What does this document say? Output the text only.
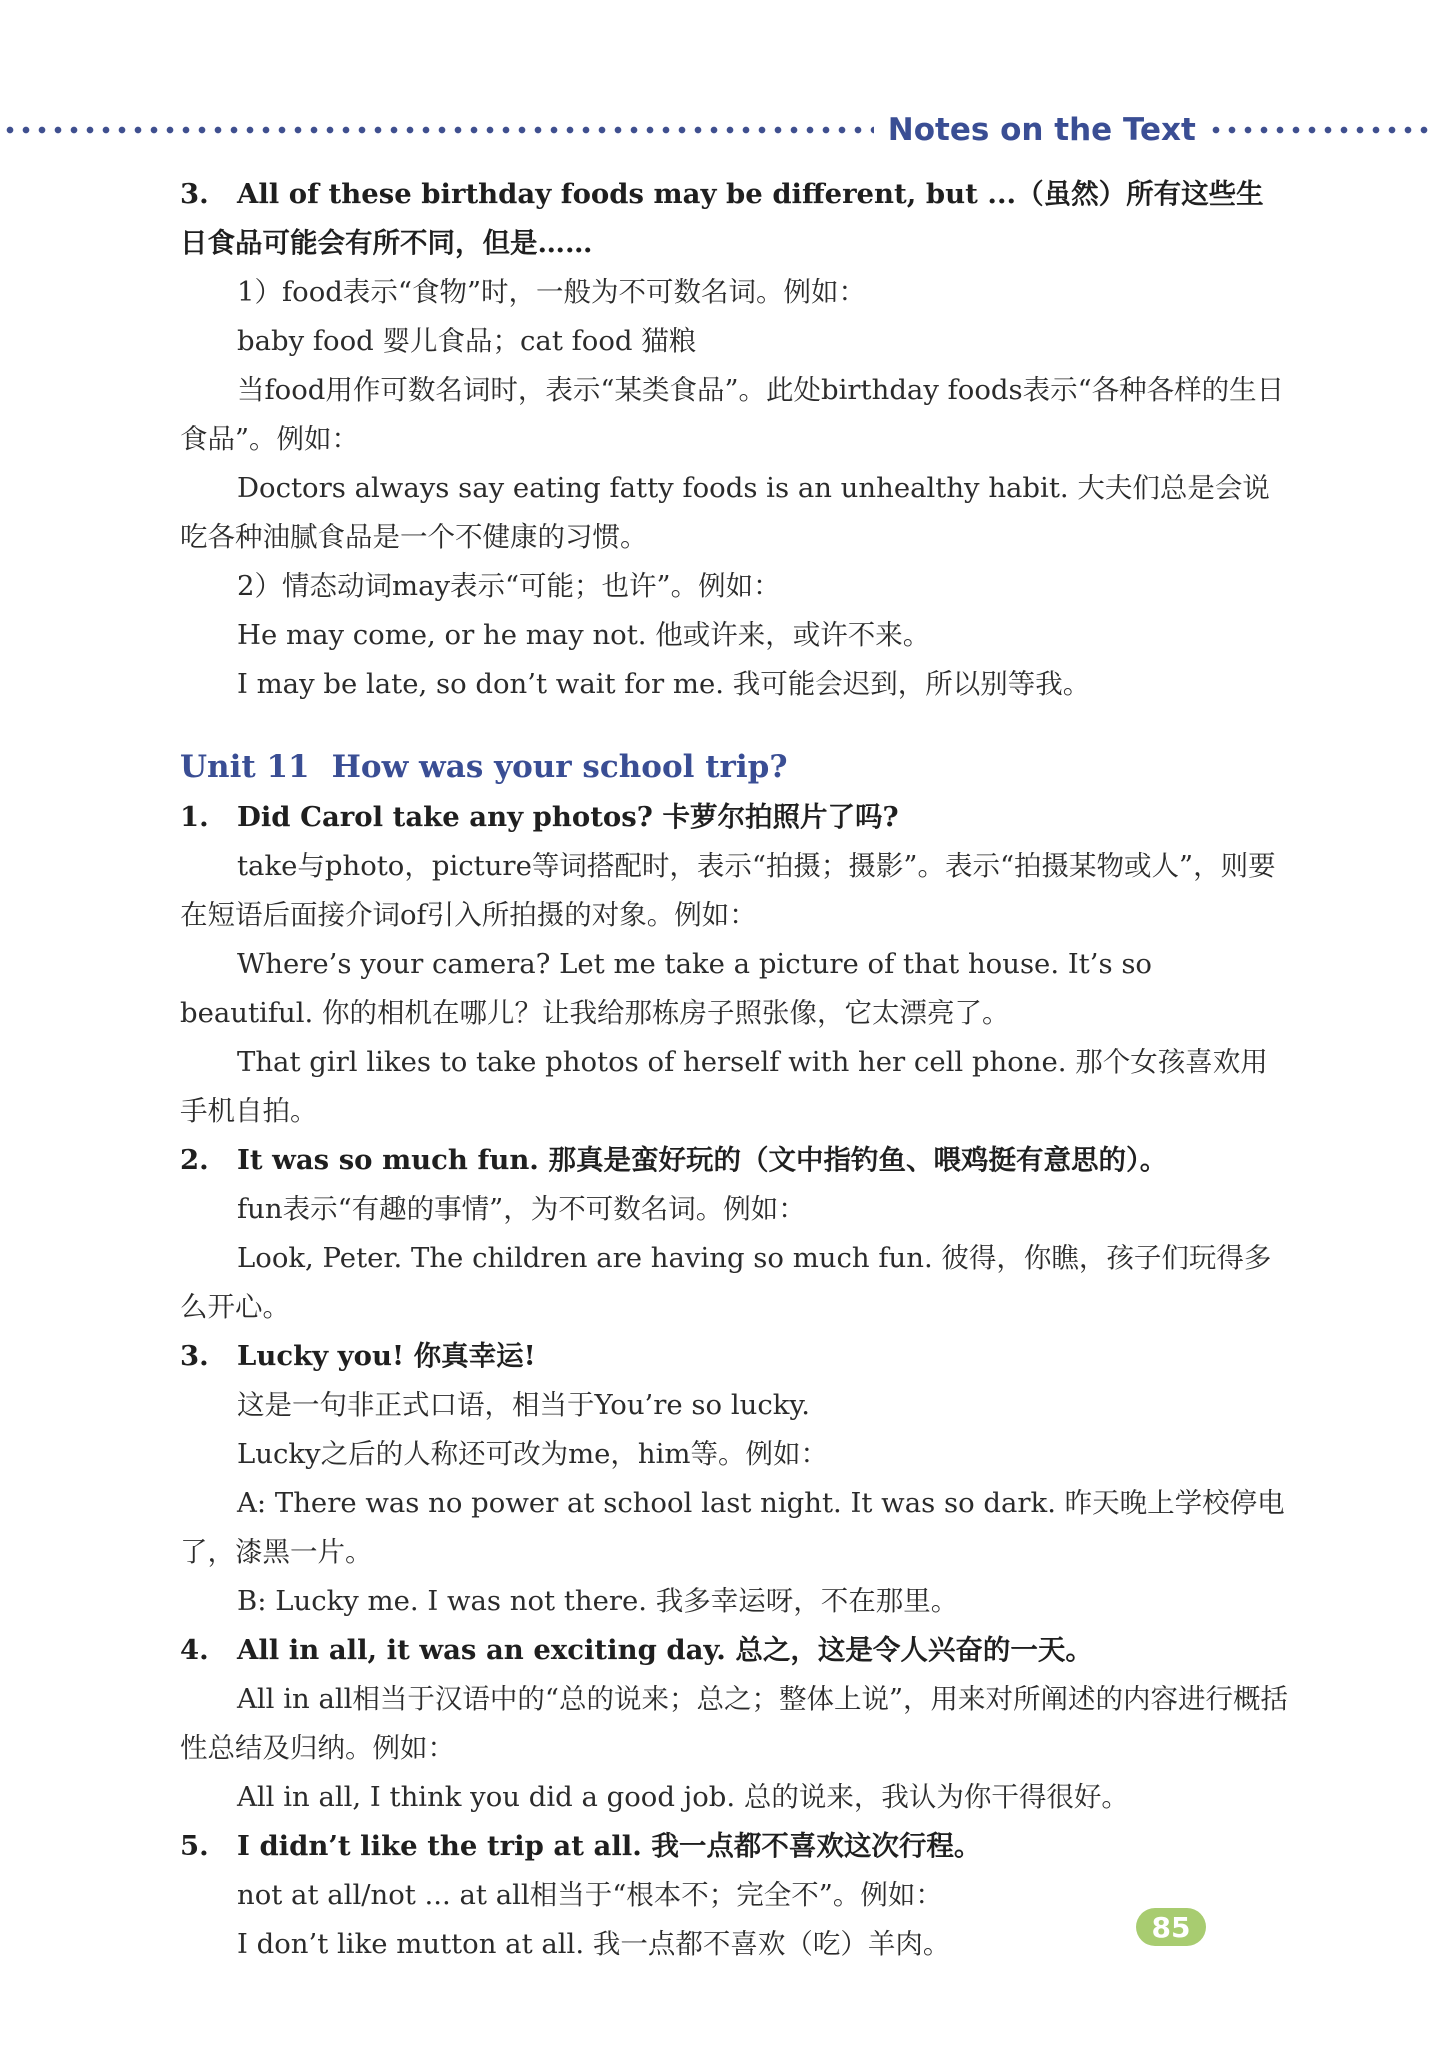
Notes on the Text
3. All of these birthday foods may be different, but ...（虽然）所有这些生日食品可能会有所不同，但是……
1）food表示“食物”时，一般为不可数名词。例如：
baby food 婴儿食品；cat food 猫粮
当food用作可数名词时，表示“某类食品”。此处birthday foods表示“各种各样的生日食品”。例如：
Doctors always say eating fatty foods is an unhealthy habit. 大夫们总是会说吃各种油腻食品是一个不健康的习惯。
2）情态动词may表示“可能；也许”。例如：
He may come, or he may not. 他或许来，或许不来。
I may be late, so don’t wait for me. 我可能会迟到，所以别等我。
Unit 11 How was your school trip?
1. Did Carol take any photos? 卡萝尔拍照片了吗?
take与photo，picture等词搭配时，表示“拍摄；摄影”。表示“拍摄某物或人”，则要在短语后面接介词of引入所拍摄的对象。例如：
Where’s your camera? Let me take a picture of that house. It’s so beautiful. 你的相机在哪儿？让我给那栋房子照张像，它太漂亮了。
That girl likes to take photos of herself with her cell phone. 那个女孩喜欢用手机自拍。
2. It was so much fun. 那真是蛮好玩的（文中指钓鱼、喂鸡挺有意思的）。
fun表示“有趣的事情”，为不可数名词。例如：
Look, Peter. The children are having so much fun. 彼得，你瞧，孩子们玩得多么开心。
3. Lucky you! 你真幸运!
这是一句非正式口语，相当于You’re so lucky.
Lucky之后的人称还可改为me，him等。例如：
A: There was no power at school last night. It was so dark. 昨天晚上学校停电了，漆黑一片。
B: Lucky me. I was not there. 我多幸运呀，不在那里。
4. All in all, it was an exciting day. 总之，这是令人兴奋的一天。
All in all相当于汉语中的“总的说来；总之；整体上说”，用来对所阐述的内容进行概括性总结及归纳。例如：
All in all, I think you did a good job. 总的说来，我认为你干得很好。
5. I didn’t like the trip at all. 我一点都不喜欢这次行程。
not at all/not ... at all相当于“根本不；完全不”。例如：
I don’t like mutton at all. 我一点都不喜欢（吃）羊肉。
85
